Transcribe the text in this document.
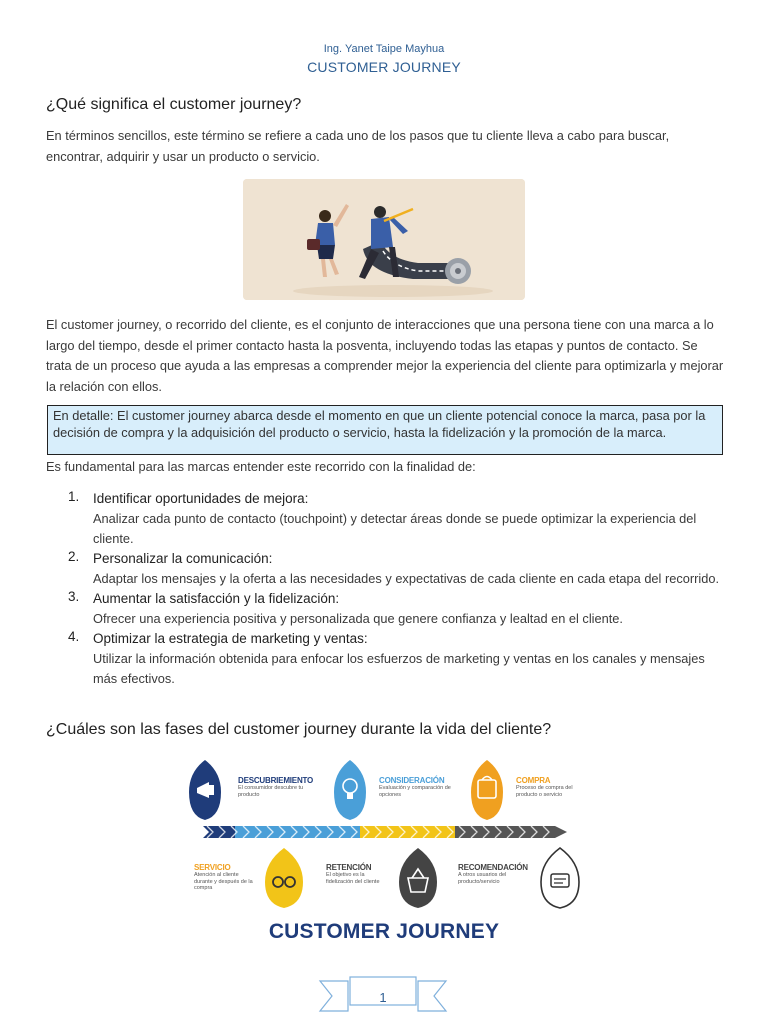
Ing. Yanet Taipe Mayhua
CUSTOMER JOURNEY
¿Qué significa el customer journey?

En términos sencillos, este término se refiere a cada uno de los pasos que tu cliente lleva a cabo para buscar, encontrar, adquirir y usar un producto o servicio.

El customer journey, o recorrido del cliente, es el conjunto de interacciones que una persona tiene con una marca a lo largo del tiempo, desde el primer contacto hasta la posventa, incluyendo todas las etapas y puntos de contacto. Se trata de un proceso que ayuda a las empresas a comprender mejor la experiencia del cliente para optimizarla y mejorar la relación con ellos.

En detalle: El customer journey abarca desde el momento en que un cliente potencial conoce la marca, pasa por la decisión de compra y la adquisición del producto o servicio, hasta la fidelización y la promoción de la marca.

Es fundamental para las marcas entender este recorrido con la finalidad de:

1. Identificar oportunidades de mejora:
Analizar cada punto de contacto (touchpoint) y detectar áreas donde se puede optimizar la experiencia del cliente.
2. Personalizar la comunicación:
Adaptar los mensajes y la oferta a las necesidades y expectativas de cada cliente en cada etapa del recorrido.
3. Aumentar la satisfacción y la fidelización:
Ofrecer una experiencia positiva y personalizada que genere confianza y lealtad en el cliente.
4. Optimizar la estrategia de marketing y ventas:
Utilizar la información obtenida para enfocar los esfuerzos de marketing y ventas en los canales y mensajes más efectivos.
¿Cuáles son las fases del customer journey durante la vida del cliente?
DESCUBRIEMIENTO
El consumidor descubre tu producto
CONSIDERACIÓN
Evaluación y comparación de opciones
COMPRA
Proceso de compra del producto o servicio
SERVICIO
Atención al cliente durante y después de la compra
RETENCIÓN
El objetivo es la fidelización del cliente
RECOMENDACIÓN
A otros usuarios del producto/servicio
CUSTOMER JOURNEY
1
